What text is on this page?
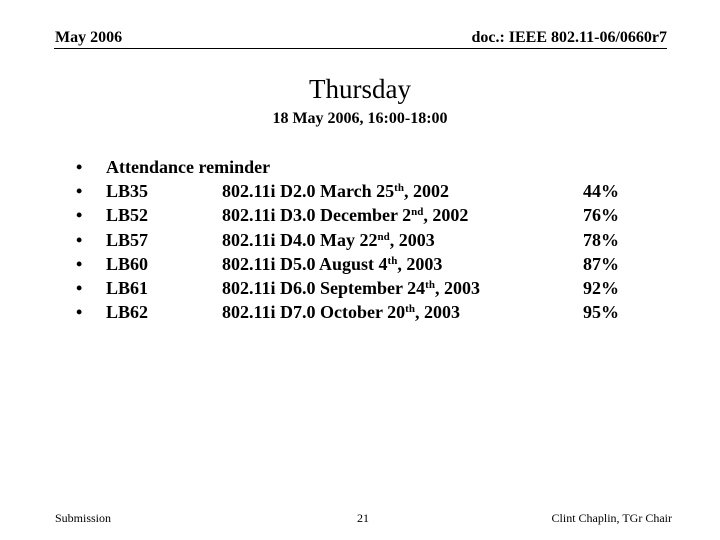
May 2006	doc.: IEEE 802.11-06/0660r7
Thursday
18 May 2006, 16:00-18:00
• Attendance reminder
• LB35	802.11i D2.0 March 25th, 2002	44%
• LB52	802.11i D3.0 December 2nd, 2002	76%
• LB57	802.11i D4.0 May 22nd, 2003	78%
• LB60	802.11i D5.0 August 4th, 2003	87%
• LB61	802.11i D6.0 September 24th, 2003	92%
• LB62	802.11i D7.0 October 20th, 2003	95%
Submission	21	Clint Chaplin, TGr Chair
